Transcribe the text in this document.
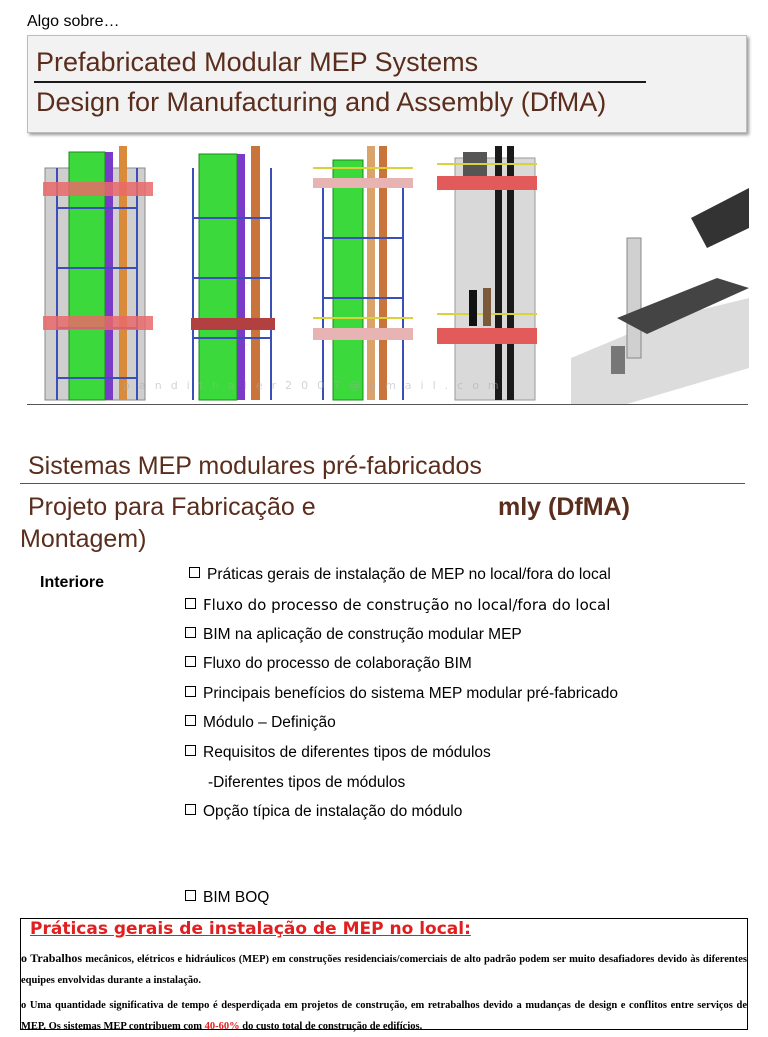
Algo sobre…
Prefabricated Modular MEP Systems
Design for Manufacturing and Assembly (DfMA)
pandithaler2007@gmail.com
Sistemas MEP modulares pré-fabricados
Projeto para Fabricação e
Montagem)
mly (DfMA)
Interiore	Práticas gerais de instalação de MEP no local/fora do local
Fluxo do processo de construção no local/fora do local
BIM na aplicação de construção modular MEP
Fluxo do processo de colaboração BIM
Principais benefícios do sistema MEP modular pré-fabricado
Módulo – Definição
Requisitos de diferentes tipos de módulos
-Diferentes tipos de módulos
Opção típica de instalação do módulo
BIM BOQ
Práticas gerais de instalação de MEP no local:
o Trabalhos mecânicos, elétricos e hidráulicos (MEP) em construções residenciais/comerciais de alto padrão podem ser muito desafiadores devido às diferentes equipes envolvidas durante a instalação.
o Uma quantidade significativa de tempo é desperdiçada em projetos de construção, em retrabalhos devido a mudanças de design e conflitos entre serviços de MEP. Os sistemas MEP contribuem com 40-60% do custo total de construção de edifícios.
